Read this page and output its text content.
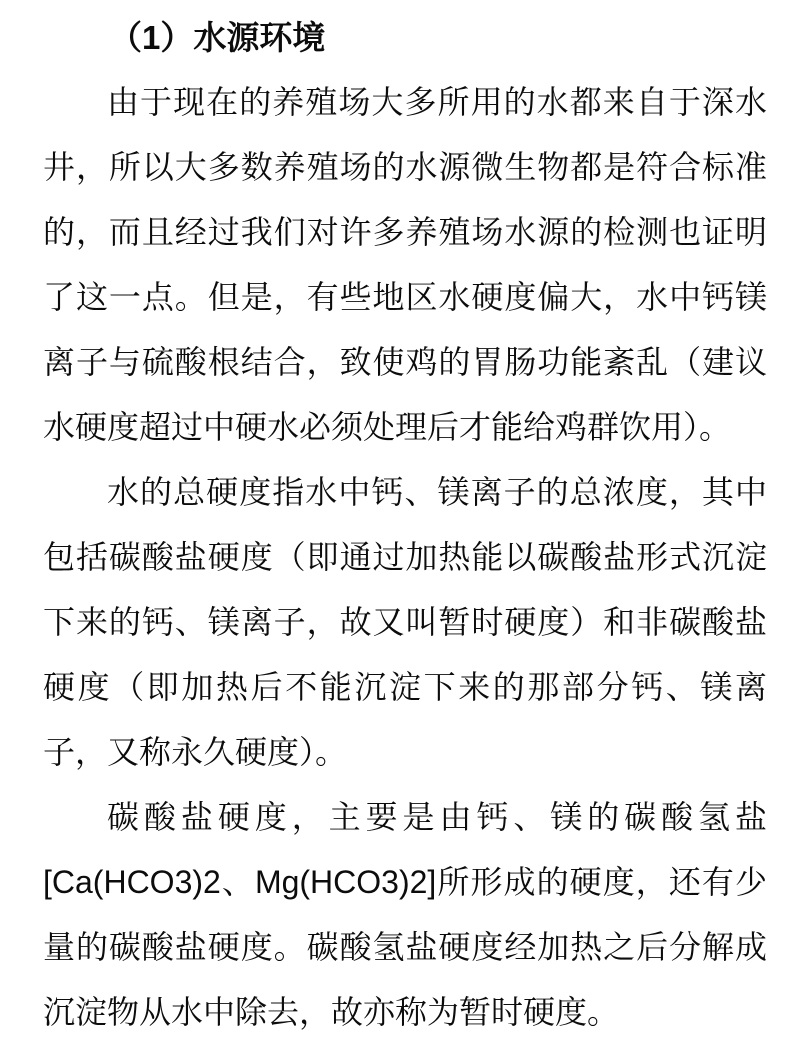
（1）水源环境

由于现在的养殖场大多所用的水都来自于深水

井，所以大多数养殖场的水源微生物都是符合标准

的，而且经过我们对许多养殖场水源的检测也证明

了这一点。但是，有些地区水硬度偏大，水中钙镁

离子与硫酸根结合，致使鸡的胃肠功能紊乱（建议

水硬度超过中硬水必须处理后才能给鸡群饮用）。

水的总硬度指水中钙、镁离子的总浓度，其中

包括碳酸盐硬度（即通过加热能以碳酸盐形式沉淀

下来的钙、镁离子，故又叫暂时硬度）和非碳酸盐

硬度（即加热后不能沉淀下来的那部分钙、镁离

子，又称永久硬度）。

碳酸盐硬度，主要是由钙、镁的碳酸氢盐

[Ca(HCO3)2、Mg(HCO3)2]所形成的硬度，还有少

量的碳酸盐硬度。碳酸氢盐硬度经加热之后分解成

沉淀物从水中除去，故亦称为暂时硬度。
